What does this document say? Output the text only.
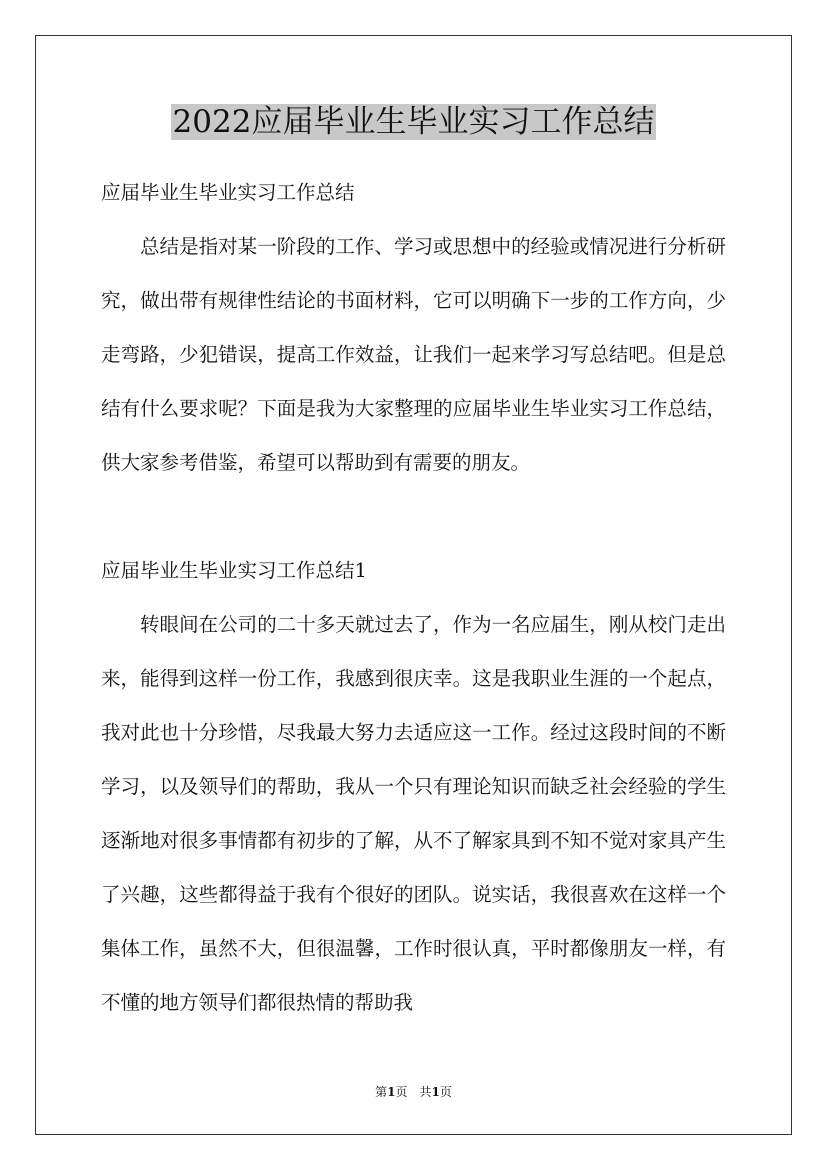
2022应届毕业生毕业实习工作总结

应届毕业生毕业实习工作总结

总结是指对某一阶段的工作、学习或思想中的经验或情况进行分析研究，做出带有规律性结论的书面材料，它可以明确下一步的工作方向，少走弯路，少犯错误，提高工作效益，让我们一起来学习写总结吧。但是总结有什么要求呢？下面是我为大家整理的应届毕业生毕业实习工作总结，供大家参考借鉴，希望可以帮助到有需要的朋友。

应届毕业生毕业实习工作总结1

转眼间在公司的二十多天就过去了，作为一名应届生，刚从校门走出来，能得到这样一份工作，我感到很庆幸。这是我职业生涯的一个起点，我对此也十分珍惜，尽我最大努力去适应这一工作。经过这段时间的不断学习，以及领导们的帮助，我从一个只有理论知识而缺乏社会经验的学生逐渐地对很多事情都有初步的了解，从不了解家具到不知不觉对家具产生了兴趣，这些都得益于我有个很好的团队。说实话，我很喜欢在这样一个集体工作，虽然不大，但很温馨，工作时很认真，平时都像朋友一样，有不懂的地方领导们都很热情的帮助我

第1页 共1页
